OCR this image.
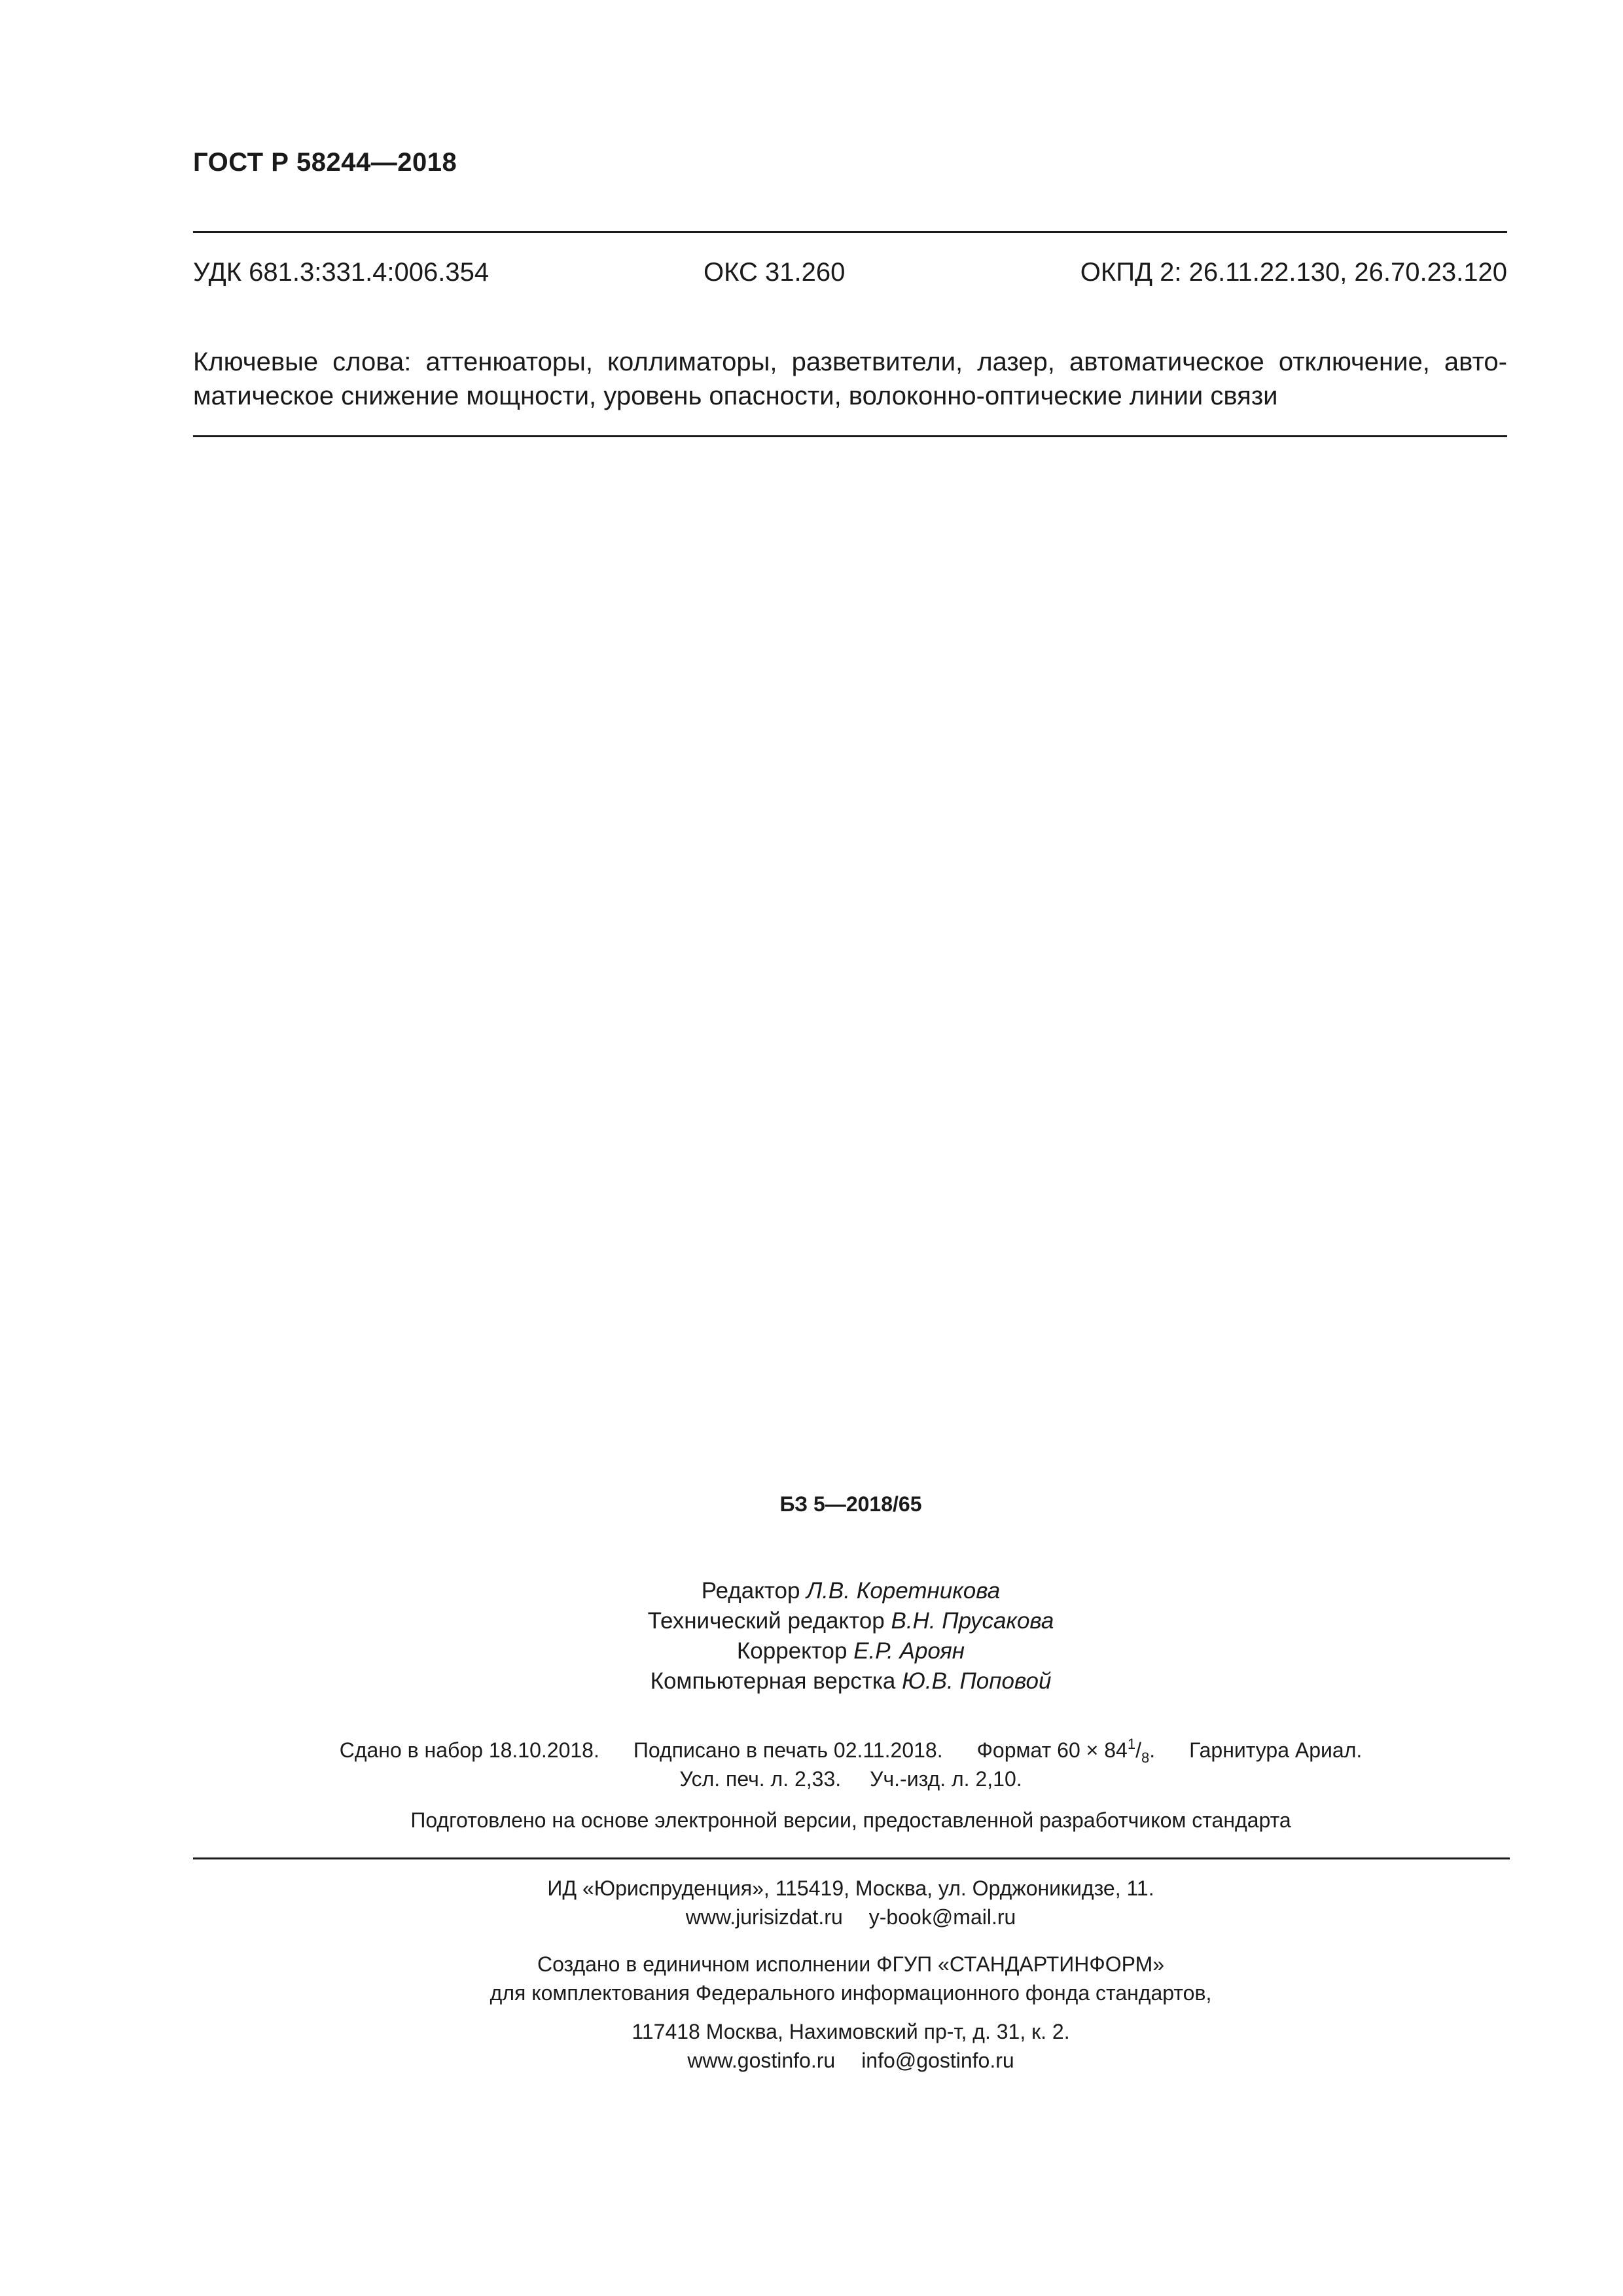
ГОСТ Р 58244—2018
УДК 681.3:331.4:006.354	ОКС 31.260	ОКПД 2: 26.11.22.130, 26.70.23.120
Ключевые слова: аттенюаторы, коллиматоры, разветвители, лазер, автоматическое отключение, авто-
матическое снижение мощности, уровень опасности, волоконно-оптические линии связи
БЗ 5—2018/65
Редактор Л.В. Коретникова
Технический редактор В.Н. Прусакова
Корректор Е.Р. Ароян
Компьютерная верстка Ю.В. Поповой
Сдано в набор 18.10.2018. Подписано в печать 02.11.2018. Формат $60 \times 84^1/_8$. Гарнитура Ариал.
Усл. печ. л. 2,33. Уч.-изд. л. 2,10.
Подготовлено на основе электронной версии, предоставленной разработчиком стандарта
ИД «Юриспруденция», 115419, Москва, ул. Орджоникидзе, 11.
www.jurisizdat.ru y-book@mail.ru
Создано в единичном исполнении ФГУП «СТАНДАРТИНФОРМ»
для комплектования Федерального информационного фонда стандартов,
117418 Москва, Нахимовский пр-т, д. 31, к. 2.
www.gostinfo.ru info@gostinfo.ru
